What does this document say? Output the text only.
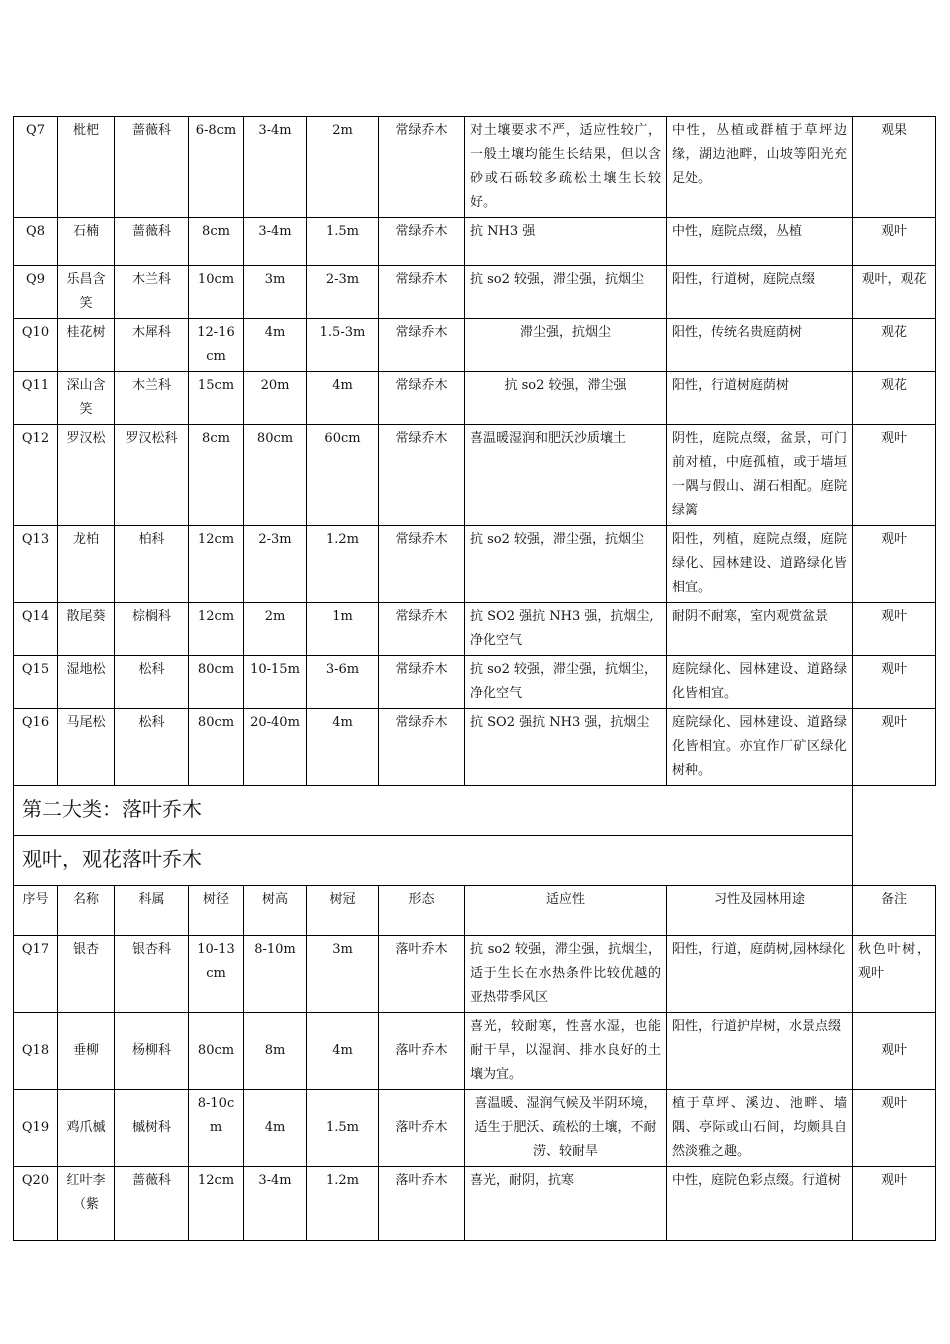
Q7	枇杷	蔷薇科	6-8cm	3-4m	2m	常绿乔木	对土壤要求不严，适应性较广，一般土壤均能生长结果，但以含砂或石砾较多疏松土壤生长较好。	中性，丛植或群植于草坪边缘，湖边池畔，山坡等阳光充足处。	观果
Q8	石楠	蔷薇科	8cm	3-4m	1.5m	常绿乔木	抗 NH3 强	中性，庭院点缀，丛植	观叶
Q9	乐昌含笑	木兰科	10cm	3m	2-3m	常绿乔木	抗 so2 较强，滞尘强，抗烟尘	阳性，行道树，庭院点缀	观叶，观花
Q10	桂花树	木犀科	12-16cm	4m	1.5-3m	常绿乔木	滞尘强，抗烟尘	阳性，传统名贵庭荫树	观花
Q11	深山含笑	木兰科	15cm	20m	4m	常绿乔木	抗 so2 较强，滞尘强	阳性，行道树庭荫树	观花
Q12	罗汉松	罗汉松科	8cm	80cm	60cm	常绿乔木	喜温暖湿润和肥沃沙质壤土	阴性，庭院点缀，盆景，可门前对植，中庭孤植，或于墙垣一隅与假山、湖石相配。庭院绿篱	观叶
Q13	龙柏	柏科	12cm	2-3m	1.2m	常绿乔木	抗 so2 较强，滞尘强，抗烟尘	阳性，列植，庭院点缀，庭院绿化、园林建设、道路绿化皆相宜。	观叶
Q14	散尾葵	棕榈科	12cm	2m	1m	常绿乔木	抗 SO2 强抗 NH3 强，抗烟尘,净化空气	耐阴不耐寒，室内观赏盆景	观叶
Q15	湿地松	松科	80cm	10-15m	3-6m	常绿乔木	抗 so2 较强，滞尘强，抗烟尘，净化空气	庭院绿化、园林建设、道路绿化皆相宜。	观叶
Q16	马尾松	松科	80cm	20-40m	4m	常绿乔木	抗 SO2 强抗 NH3 强，抗烟尘	庭院绿化、园林建设、道路绿化皆相宜。亦宜作厂矿区绿化树种。	观叶
第二大类：落叶乔木									
观叶，观花落叶乔木									
序号	名称	科属	树径	树高	树冠	形态	适应性	习性及园林用途	备注
Q17	银杏	银杏科	10-13cm	8-10m	3m	落叶乔木	抗 so2 较强，滞尘强，抗烟尘，适于生长在水热条件比较优越的亚热带季风区	阳性，行道，庭荫树,园林绿化	秋色叶树，观叶
Q18	垂柳	杨柳科	80cm	8m	4m	落叶乔木	喜光，较耐寒，性喜水湿，也能耐干旱，以湿润、排水良好的土壤为宜。	阳性，行道护岸树，水景点缀	观叶
Q19	鸡爪槭	槭树科	8-10cm	4m	1.5m	落叶乔木	喜温暖、湿润气候及半阴环境，适生于肥沃、疏松的土壤，不耐涝、较耐旱	植于草坪、溪边、池畔、墙隅、亭际或山石间，均颇具自然淡雅之趣。	观叶
Q20	红叶李（紫	蔷薇科	12cm	3-4m	1.2m	落叶乔木	喜光，耐阴，抗寒	中性，庭院色彩点缀。行道树	观叶
